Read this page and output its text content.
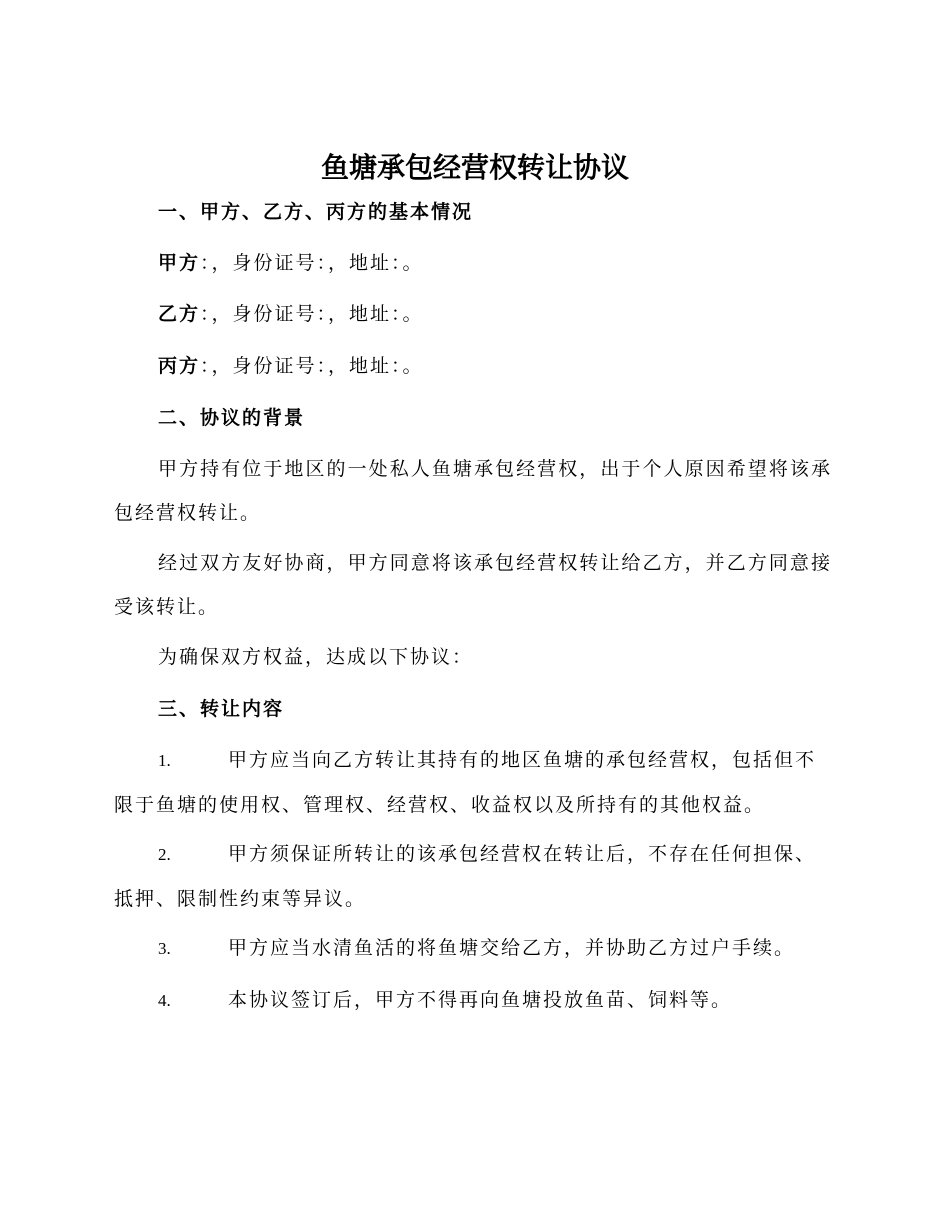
鱼塘承包经营权转让协议
一、甲方、乙方、丙方的基本情况
甲方：，身份证号：，地址：。
乙方：，身份证号：，地址：。
丙方：，身份证号：，地址：。
二、协议的背景

甲方持有位于地区的一处私人鱼塘承包经营权，出于个人原因希望将该承包经营权转让。

经过双方友好协商，甲方同意将该承包经营权转让给乙方，并乙方同意接受该转让。

为确保双方权益，达成以下协议：

三、转让内容

1.	甲方应当向乙方转让其持有的地区鱼塘的承包经营权，包括但不限于鱼塘的使用权、管理权、经营权、收益权以及所持有的其他权益。

2.	甲方须保证所转让的该承包经营权在转让后，不存在任何担保、抵押、限制性约束等异议。

3.	甲方应当水清鱼活的将鱼塘交给乙方，并协助乙方过户手续。

4.	本协议签订后，甲方不得再向鱼塘投放鱼苗、饲料等。
